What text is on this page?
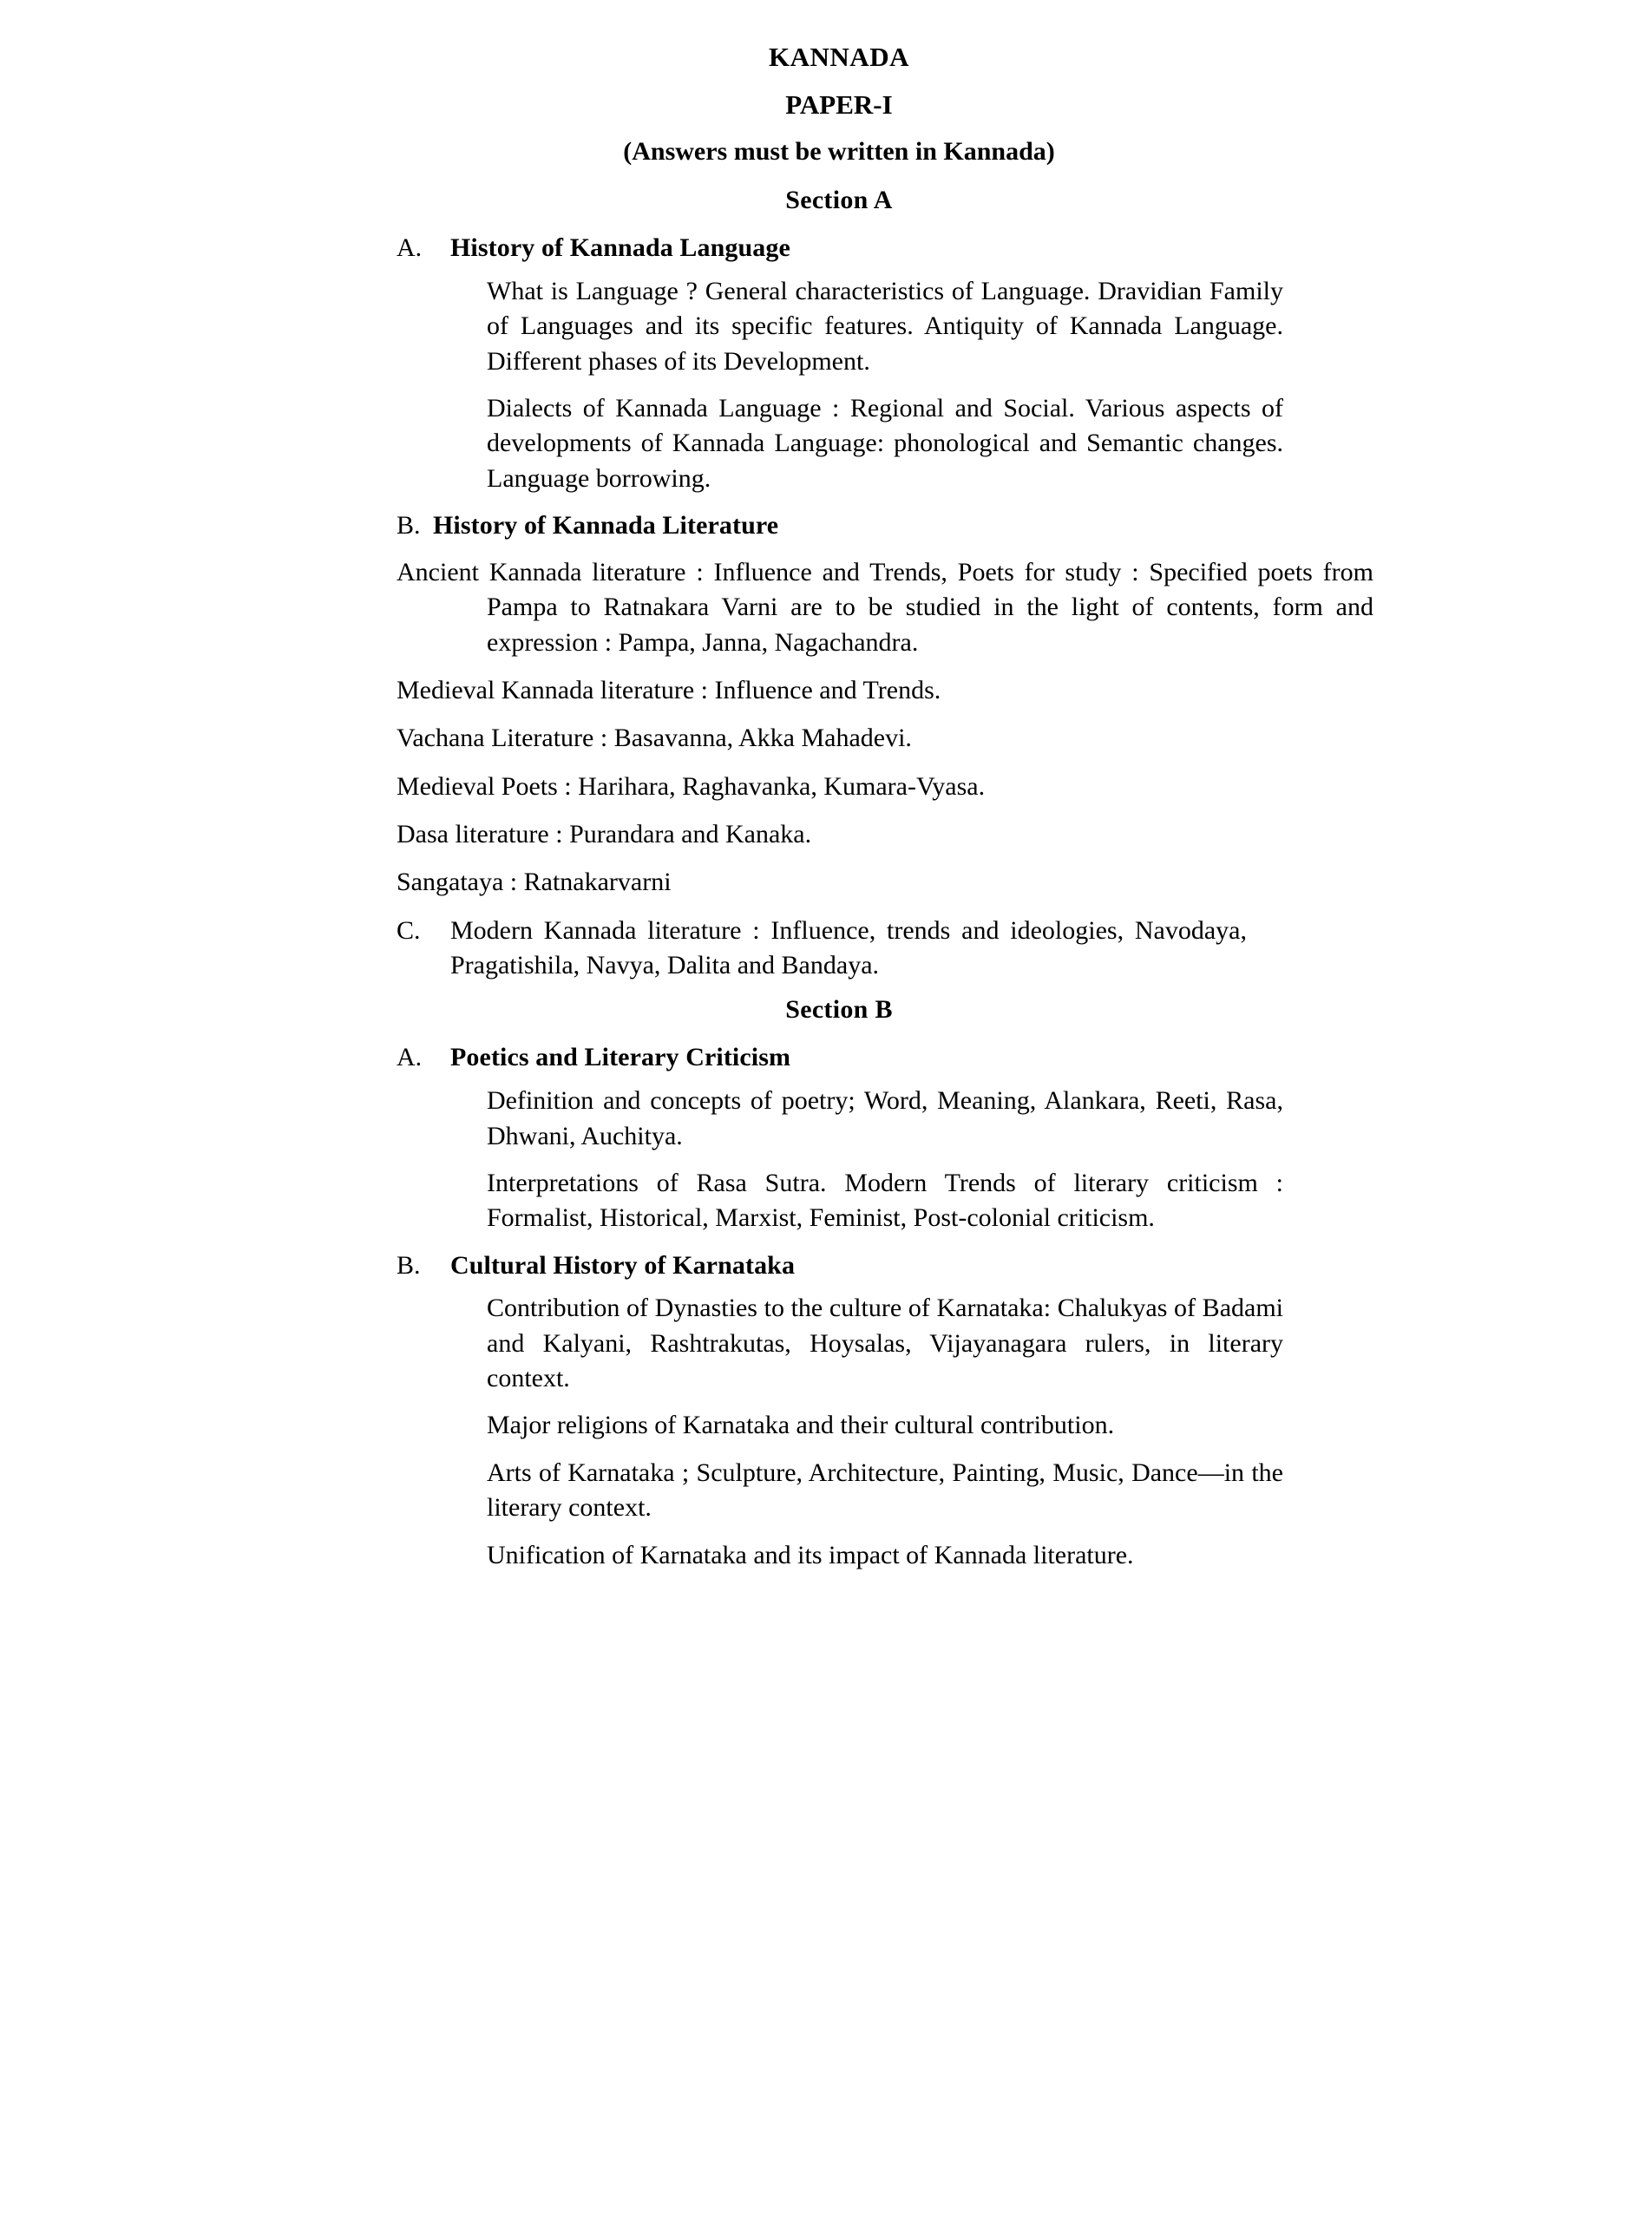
KANNADA
PAPER-I
(Answers must be written in Kannada)
Section A
A.	History of Kannada Language
What is Language ? General characteristics of Language. Dravidian Family of Languages and its specific features. Antiquity of Kannada Language. Different phases of its Development.
Dialects of Kannada Language : Regional and Social. Various aspects of developments of Kannada Language: phonological and Semantic changes. Language borrowing.
B. History of Kannada Literature
Ancient Kannada literature : Influence and Trends, Poets for study : Specified poets from Pampa to Ratnakara Varni are to be studied in the light of contents, form and expression : Pampa, Janna, Nagachandra.
Medieval Kannada literature : Influence and Trends.
Vachana Literature : Basavanna, Akka Mahadevi.
Medieval Poets : Harihara, Raghavanka, Kumara-Vyasa.
Dasa literature : Purandara and Kanaka.
Sangataya : Ratnakarvarni
C.	Modern Kannada literature : Influence, trends and ideologies, Navodaya, Pragatishila, Navya, Dalita and Bandaya.
Section B
A.	Poetics and Literary Criticism
Definition and concepts of poetry; Word, Meaning, Alankara, Reeti, Rasa, Dhwani, Auchitya.
Interpretations of Rasa Sutra. Modern Trends of literary criticism : Formalist, Historical, Marxist, Feminist, Post-colonial criticism.
B.	Cultural History of Karnataka
Contribution of Dynasties to the culture of Karnataka: Chalukyas of Badami and Kalyani, Rashtrakutas, Hoysalas, Vijayanagara rulers, in literary context.
Major religions of Karnataka and their cultural contribution.
Arts of Karnataka ; Sculpture, Architecture, Painting, Music, Dance—in the literary context.
Unification of Karnataka and its impact of Kannada literature.
